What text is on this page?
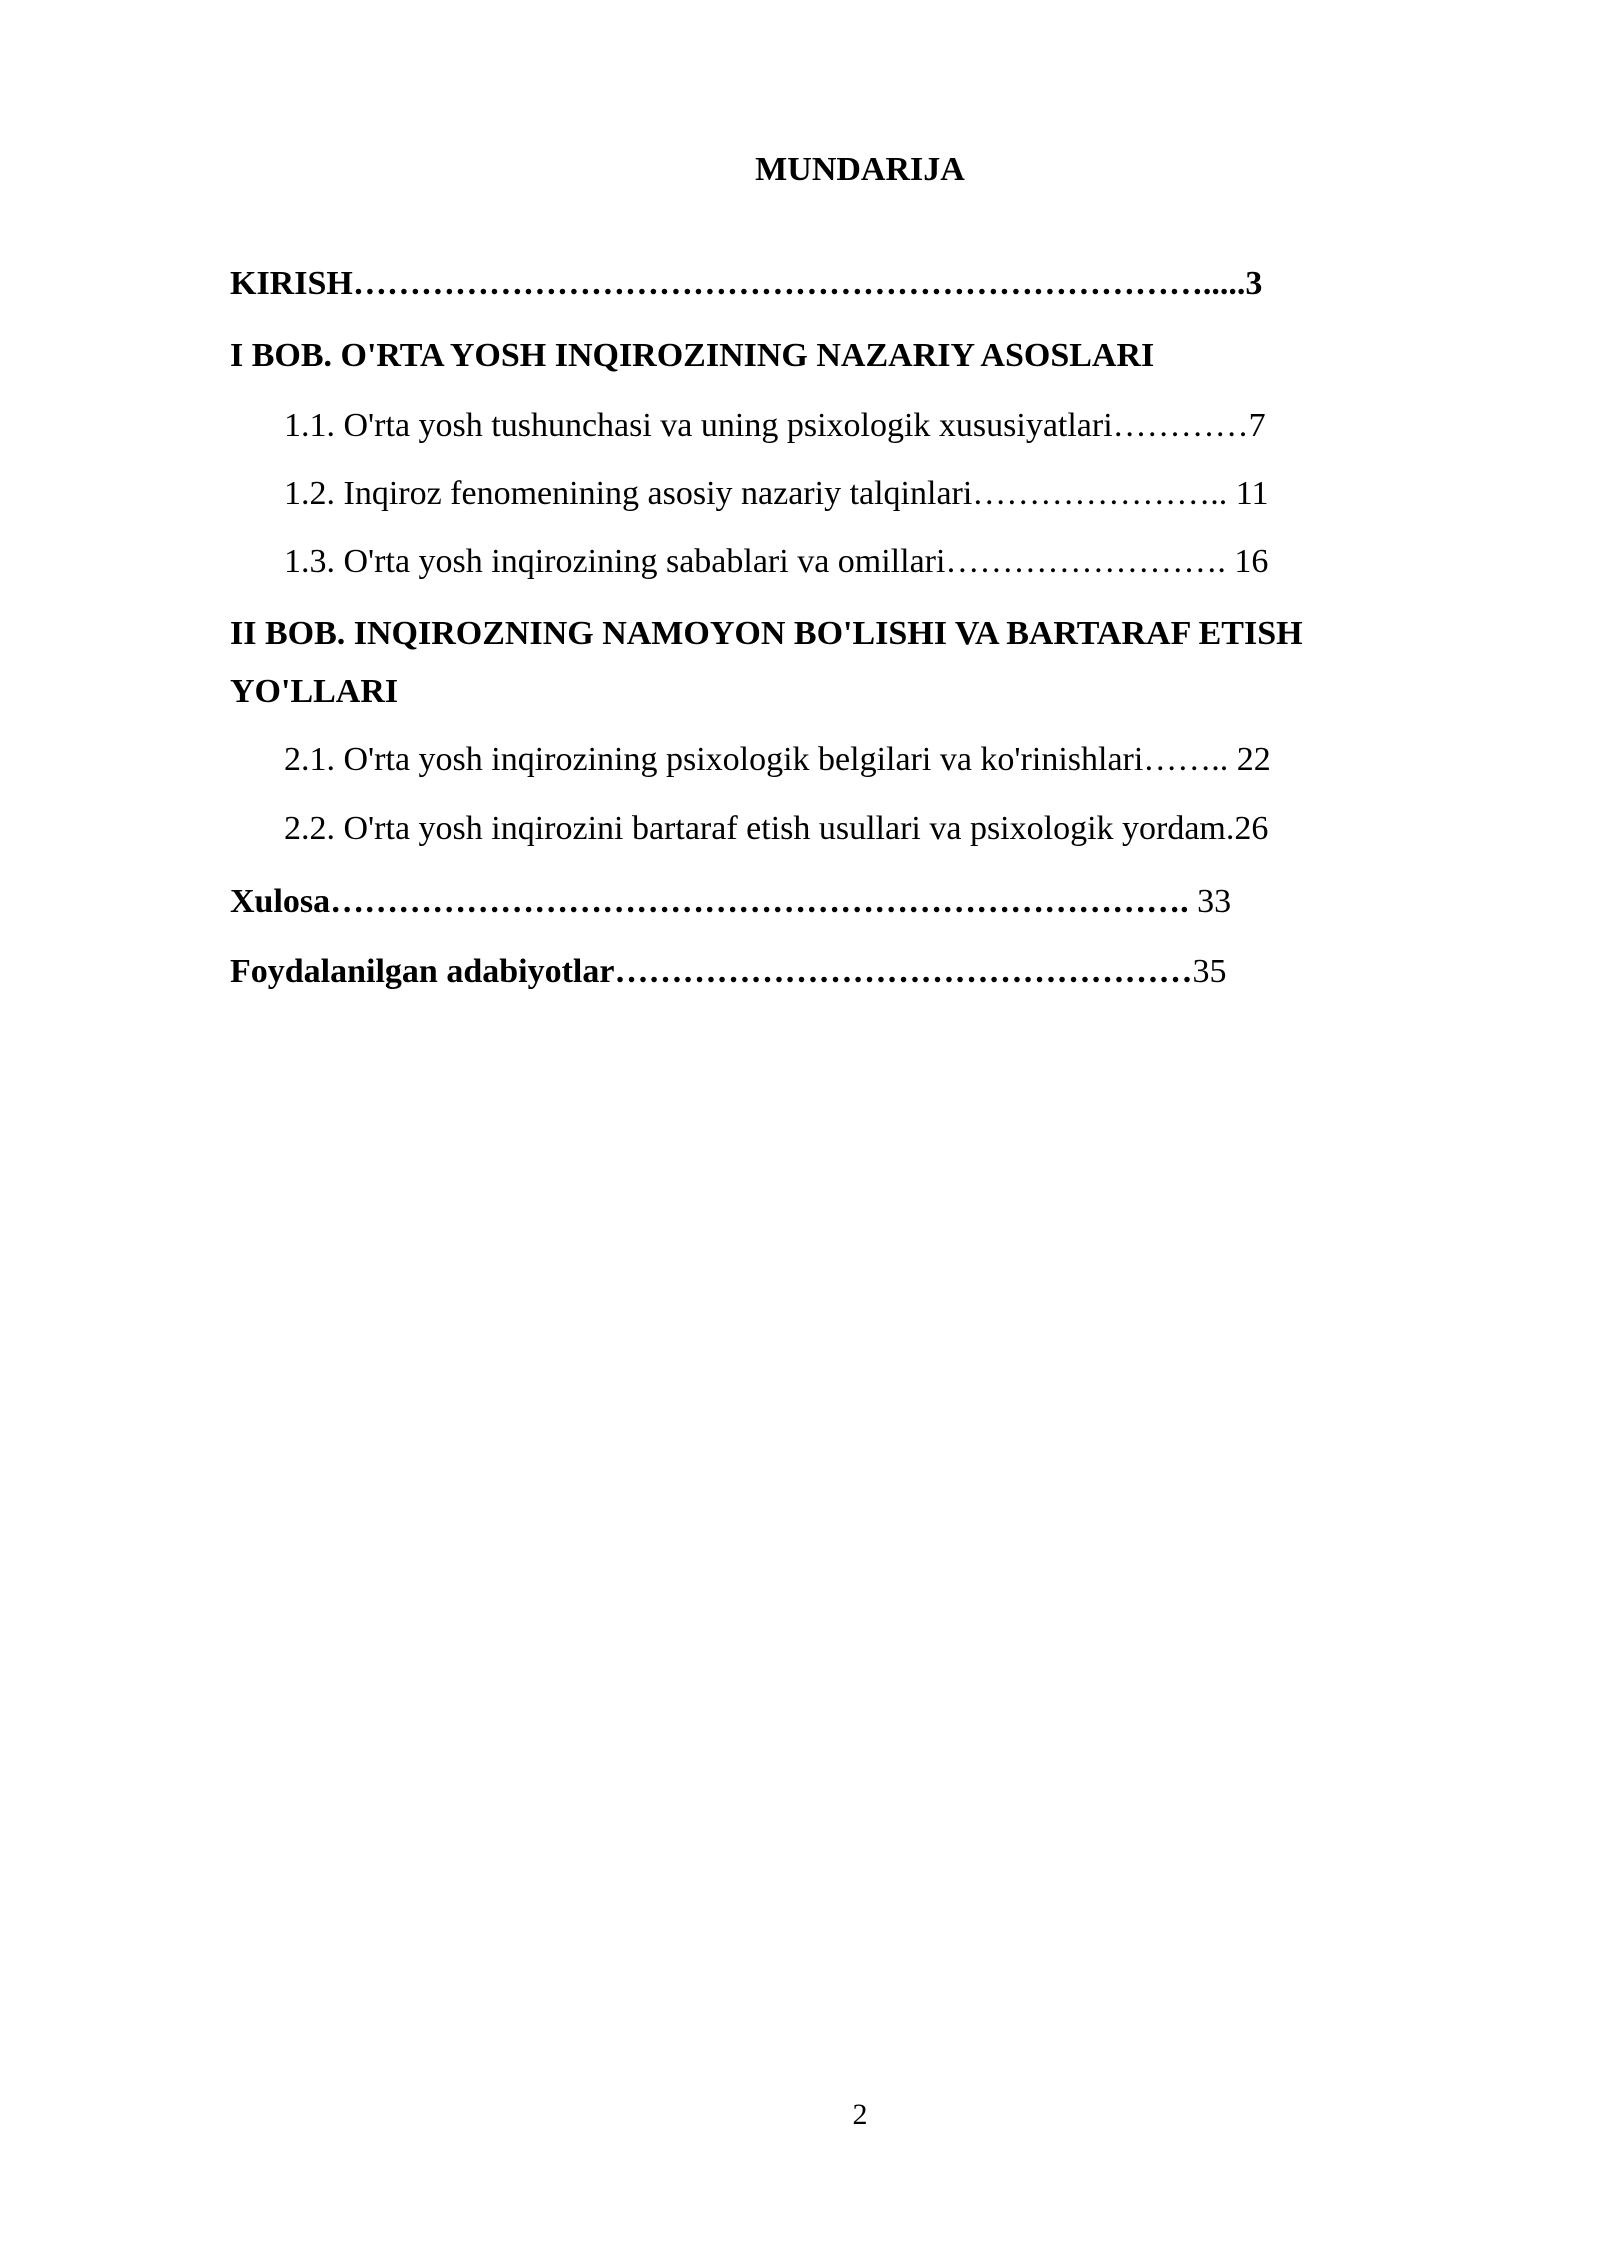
MUNDARIJA
KIRISH………………………………………………………………….....3
I BOB. O'RTA YOSH INQIROZINING NAZARIY ASOSLARI
1.1. O'rta yosh tushunchasi va uning psixologik xususiyatlari…………7
1.2. Inqiroz fenomenining asosiy nazariy talqinlari………………….. 11
1.3. O'rta yosh inqirozining sabablari va omillari……………………. 16
II BOB. INQIROZNING NAMOYON BO'LISHI VA BARTARAF ETISH
YO'LLARI
2.1. O'rta yosh inqirozining psixologik belgilari va ko'rinishlari…….. 22
2.2. O'rta yosh inqirozini bartaraf etish usullari va psixologik yordam.26
Xulosa…………………………………………………………………. 33
Foydalanilgan adabiyotlar……………………………………………35
2
